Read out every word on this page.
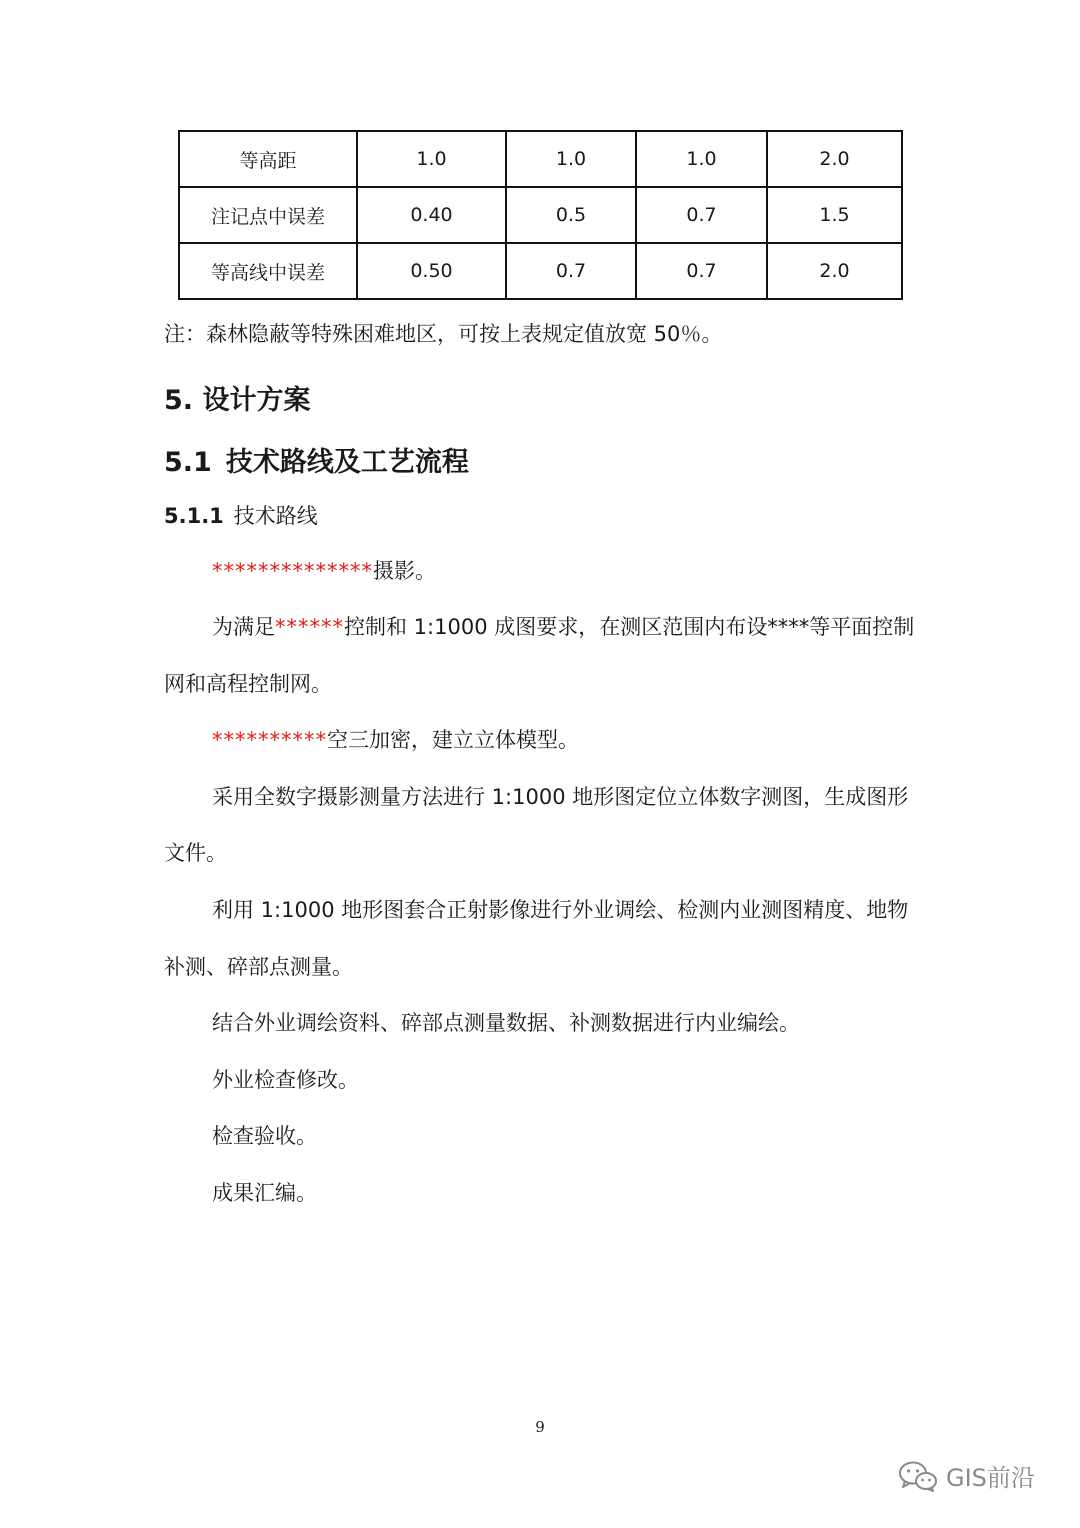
等高距	1.0	1.0	1.0	2.0
注记点中误差	0.40	0.5	0.7	1.5
等高线中误差	0.50	0.7	0.7	2.0
注：森林隐蔽等特殊困难地区，可按上表规定值放宽 50％。
5. 设计方案
5.1 技术路线及工艺流程
5.1.1 技术路线
**************摄影。
为满足******控制和 1:1000 成图要求，在测区范围内布设****等平面控制
网和高程控制网。
**********空三加密，建立立体模型。
采用全数字摄影测量方法进行 1:1000 地形图定位立体数字测图，生成图形
文件。
利用 1:1000 地形图套合正射影像进行外业调绘、检测内业测图精度、地物
补测、碎部点测量。
结合外业调绘资料、碎部点测量数据、补测数据进行内业编绘。
外业检查修改。
检查验收。
成果汇编。
9
GIS前沿
